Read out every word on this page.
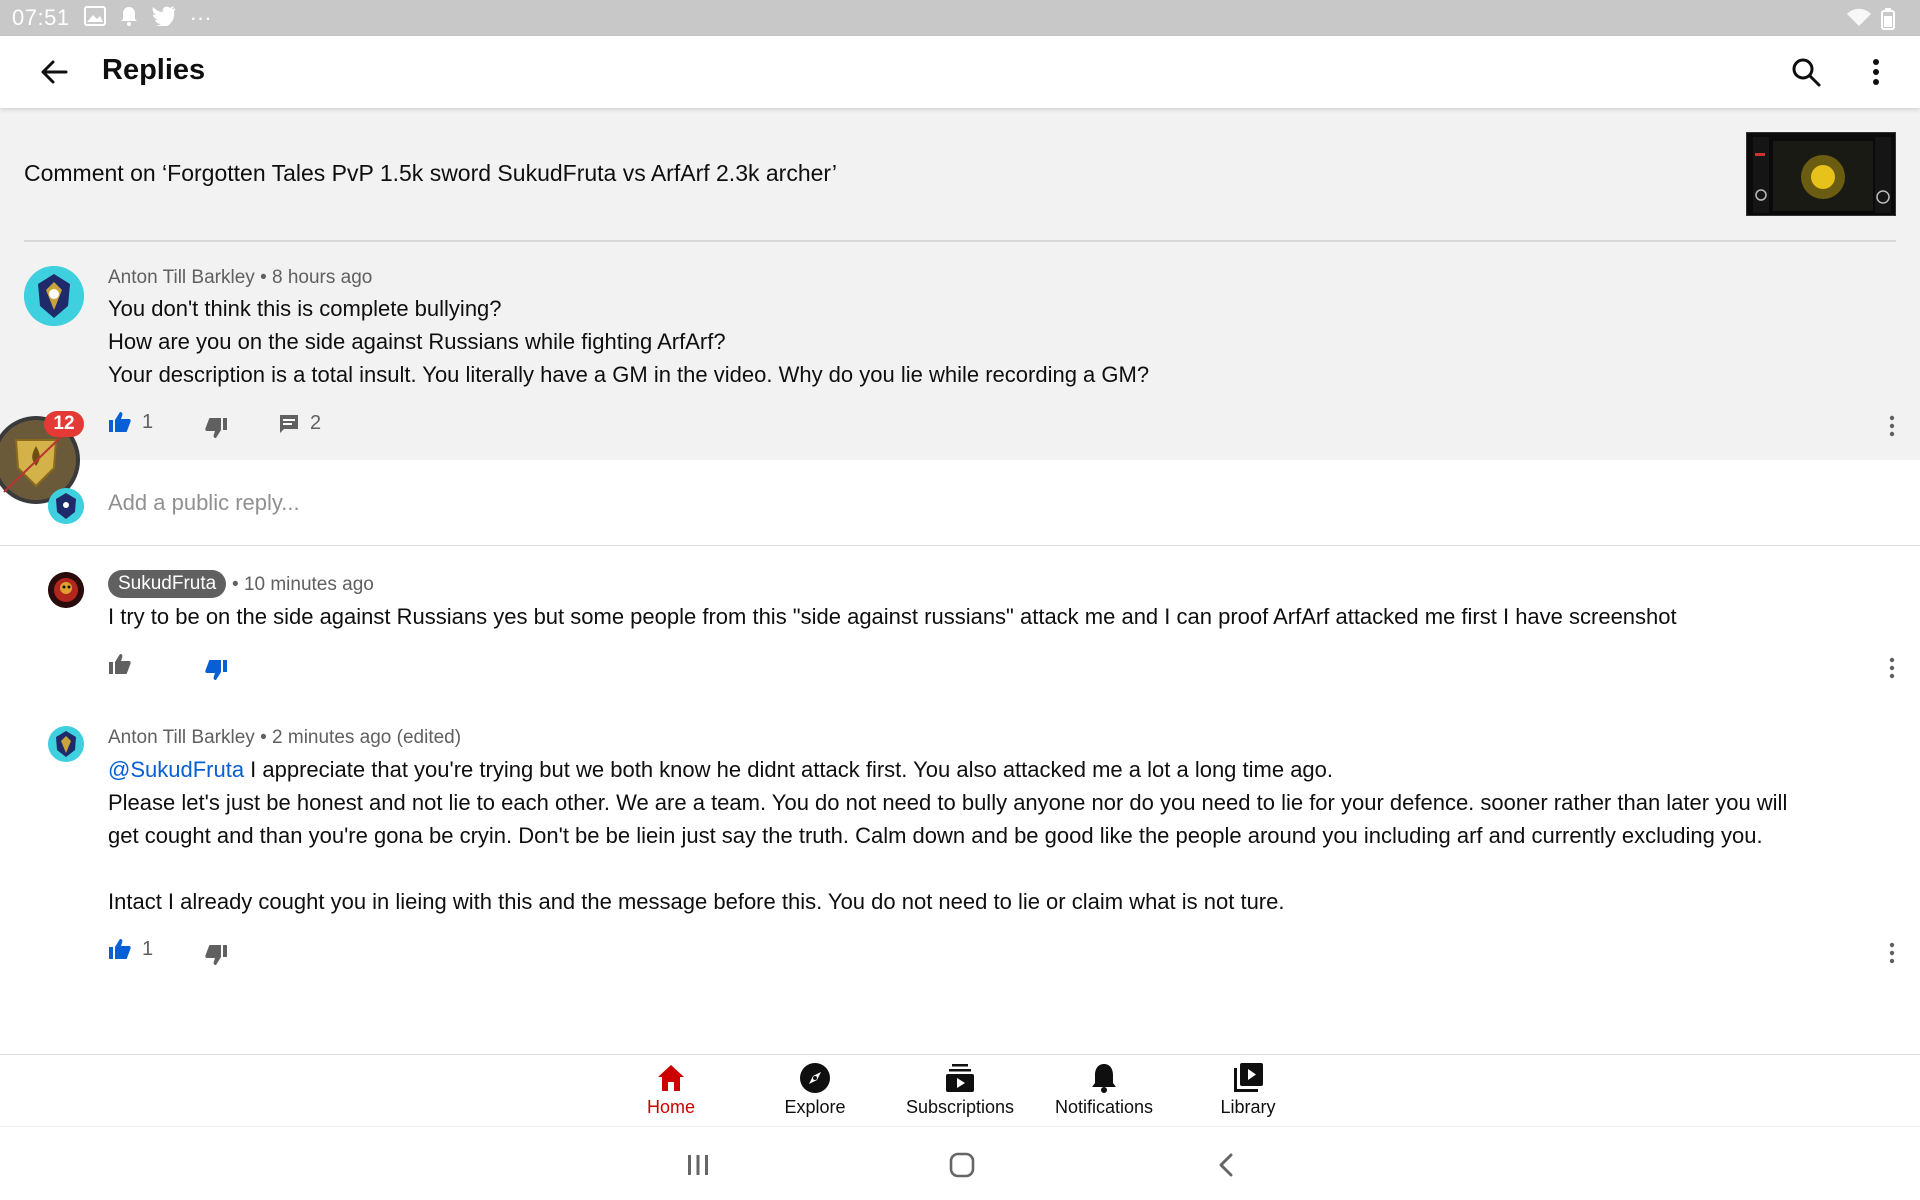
07:51	···
Replies
Comment on ‘Forgotten Tales PvP 1.5k sword SukudFruta vs ArfArf 2.3k archer’
Anton Till Barkley • 8 hours ago
You don't think this is complete bullying?
How are you on the side against Russians while fighting ArfArf?
Your description is a total insult. You literally have a GM in the video. Why do you lie while recording a GM?
1	2
12
Add a public reply...
SukudFruta • 10 minutes ago
I try to be on the side against Russians yes but some people from this "side against russians" attack me and I can proof ArfArf attacked me first I have screenshot
Anton Till Barkley • 2 minutes ago (edited)
@SukudFruta I appreciate that you're trying but we both know he didnt attack first. You also attacked me a lot a long time ago.
Please let's just be honest and not lie to each other. We are a team. You do not need to bully anyone nor do you need to lie for your defence. sooner rather than later you will
get cought and than you're gona be cryin. Don't be be liein just say the truth. Calm down and be good like the people around you including arf and currently excluding you.
Intact I already cought you in lieing with this and the message before this. You do not need to lie or claim what is not ture.
1
Home	Explore	Subscriptions	Notifications	Library
